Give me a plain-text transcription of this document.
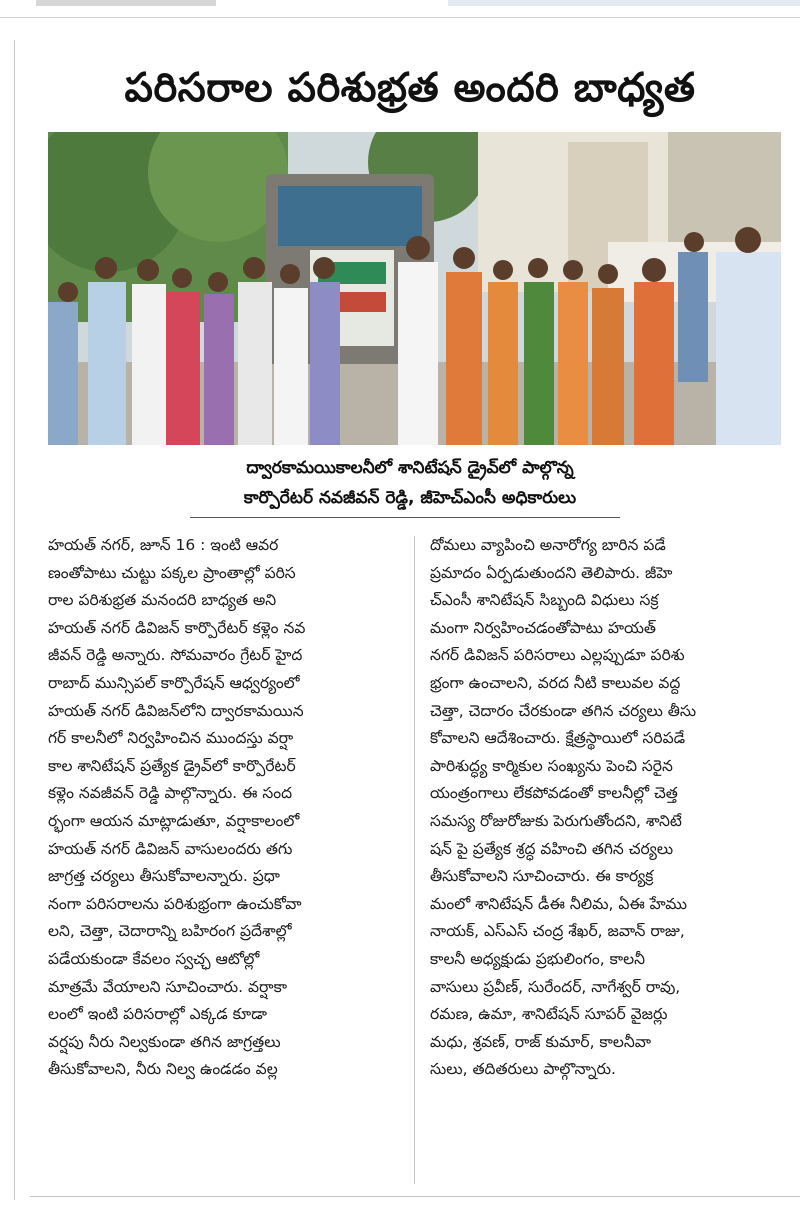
పరిసరాల పరిశుభ్రత అందరి బాధ్యత
ద్వారకామయికాలనీలో శానిటేషన్ డ్రైవ్‌లో పాల్గొన్న
కార్పొరేటర్ నవజీవన్ రెడ్డి, జీహెచ్ఎంసీ అధికారులు
హయత్ నగర్, జూన్ 16 : ఇంటి ఆవర
ణంతోపాటు చుట్టు పక్కల ప్రాంతాల్లో పరిస
రాల పరిశుభ్రత మనందరి బాధ్యత అని
హయత్ నగర్ డివిజన్ కార్పొరేటర్ కళ్లెం నవ
జీవన్ రెడ్డి అన్నారు. సోమవారం గ్రేటర్ హైద
రాబాద్ మున్సిపల్ కార్పొరేషన్ ఆధ్వర్యంలో
హయత్ నగర్ డివిజన్‌లోని ద్వారకామయిన
గర్ కాలనీలో నిర్వహించిన ముందస్తు వర్షా
కాల శానిటేషన్ ప్రత్యేక డ్రైవ్‌లో కార్పొరేటర్
కళ్లెం నవజీవన్ రెడ్డి పాల్గొన్నారు. ఈ సంద
ర్భంగా ఆయన మాట్లాడుతూ, వర్షాకాలంలో
హయత్ నగర్ డివిజన్ వాసులందరు తగు
జాగ్రత్త చర్యలు తీసుకోవాలన్నారు. ప్రధా
నంగా పరిసరాలను పరిశుభ్రంగా ఉంచుకోవా
లని, చెత్తా, చెదారాన్ని బహిరంగ ప్రదేశాల్లో
పడేయకుండా కేవలం స్వచ్ఛ ఆటోల్లో
మాత్రమే వేయాలని సూచించారు. వర్షాకా
లంలో ఇంటి పరిసరాల్లో ఎక్కడ కూడా
వర్షపు నీరు నిల్వకుండా తగిన జాగ్రత్తలు
తీసుకోవాలని, నీరు నిల్వ ఉండడం వల్ల
దోమలు వ్యాపించి అనారోగ్య బారిన పడే
ప్రమాదం ఏర్పడుతుందని తెలిపారు. జీహె
చ్ఎంసీ శానిటేషన్ సిబ్బంది విధులు సక్ర
మంగా నిర్వహించడంతోపాటు హయత్
నగర్ డివిజన్ పరిసరాలు ఎల్లప్పుడూ పరిశు
భ్రంగా ఉంచాలని, వరద నీటి కాలువల వద్ద
చెత్తా, చెదారం చేరకుండా తగిన చర్యలు తీసు
కోవాలని ఆదేశించారు. క్షేత్రస్థాయిలో సరిపడే
పారిశుద్ధ్య కార్మికుల సంఖ్యను పెంచి సరైన
యంత్రంగాలు లేకపోవడంతో కాలనీల్లో చెత్త
సమస్య రోజురోజుకు పెరుగుతోందని, శానిటే
షన్ పై ప్రత్యేక శ్రద్ధ వహించి తగిన చర్యలు
తీసుకోవాలని సూచించారు. ఈ కార్యక్ర
మంలో శానిటేషన్ డీఈ నీలిమ, ఏఈ హేము
నాయక్, ఎస్ఎస్ చంద్ర శేఖర్, జవాన్ రాజు,
కాలనీ అధ్యక్షుడు ప్రభులింగం, కాలనీ
వాసులు ప్రవీణ్, సురేందర్, నాగేశ్వర్ రావు,
రమణ, ఉమా, శానిటేషన్ సూపర్ వైజర్లు
మధు, శ్రవణ్, రాజ్ కుమార్, కాలనీవా
సులు, తదితరులు పాల్గొన్నారు.
